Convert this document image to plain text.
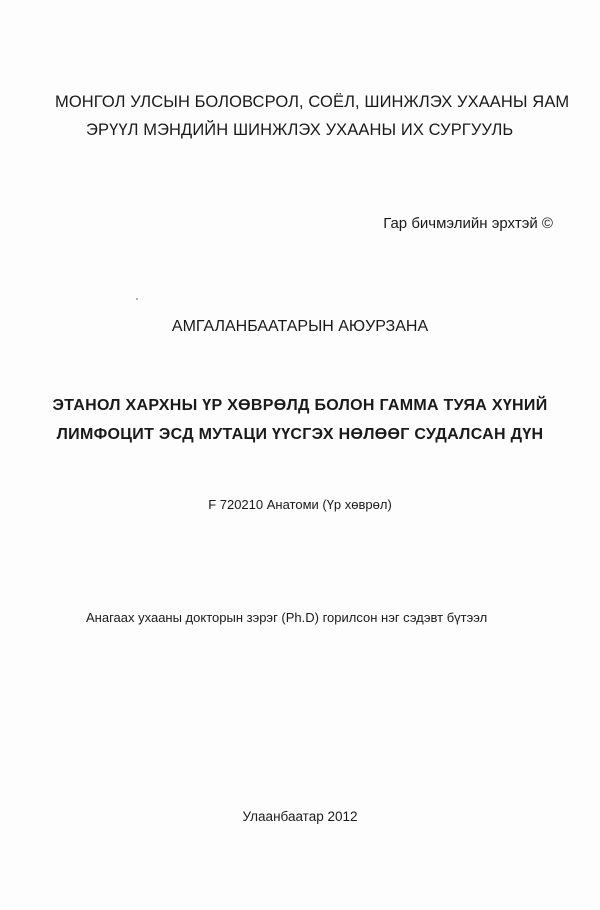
МОНГОЛ УЛСЫН БОЛОВСРОЛ, СОЁЛ, ШИНЖЛЭХ УХААНЫ ЯАМ
ЭРҮҮЛ МЭНДИЙН ШИНЖЛЭХ УХААНЫ ИХ СУРГУУЛЬ
Гар бичмэлийн эрхтэй ©
АМГАЛАНБААТАРЫН АЮУРЗАНА
ЭТАНОЛ ХАРХНЫ ҮР ХӨВРӨЛД БОЛОН ГАММА ТУЯА ХҮНИЙ
ЛИМФОЦИТ ЭСД МУТАЦИ ҮҮСГЭХ НӨЛӨӨГ СУДАЛСАН ДҮН
F 720210 Анатоми (Үр хөврөл)
Анагаах ухааны докторын зэрэг (Ph.D) горилсон нэг сэдэвт бүтээл
Улаанбаатар 2012
